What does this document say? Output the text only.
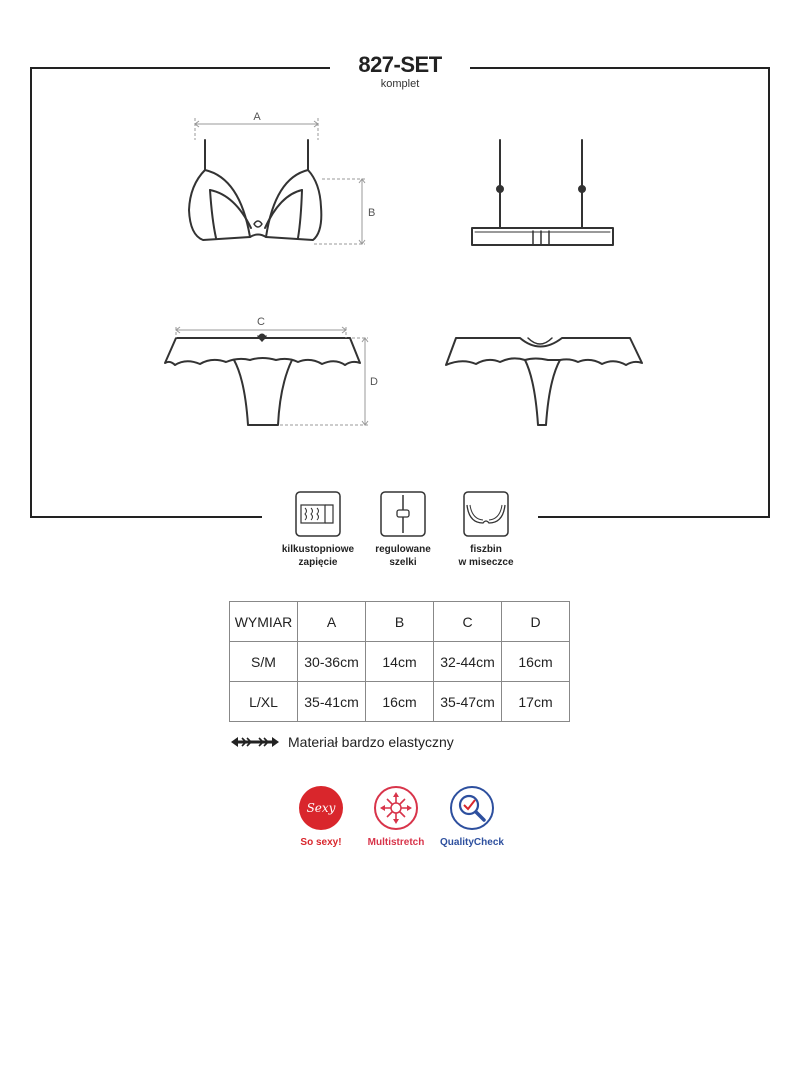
A
B
C
D
827-SET
komplet
kilkustopniowe
zapięcie
regulowane
szelki
fiszbin
w miseczce
WYMIAR	A	B	C	D
S/M	30-36cm	14cm	32-44cm	16cm
L/XL	35-41cm	16cm	35-47cm	17cm
Materiał bardzo elastyczny
Sexy
So sexy!	Multistretch	QualityCheck
